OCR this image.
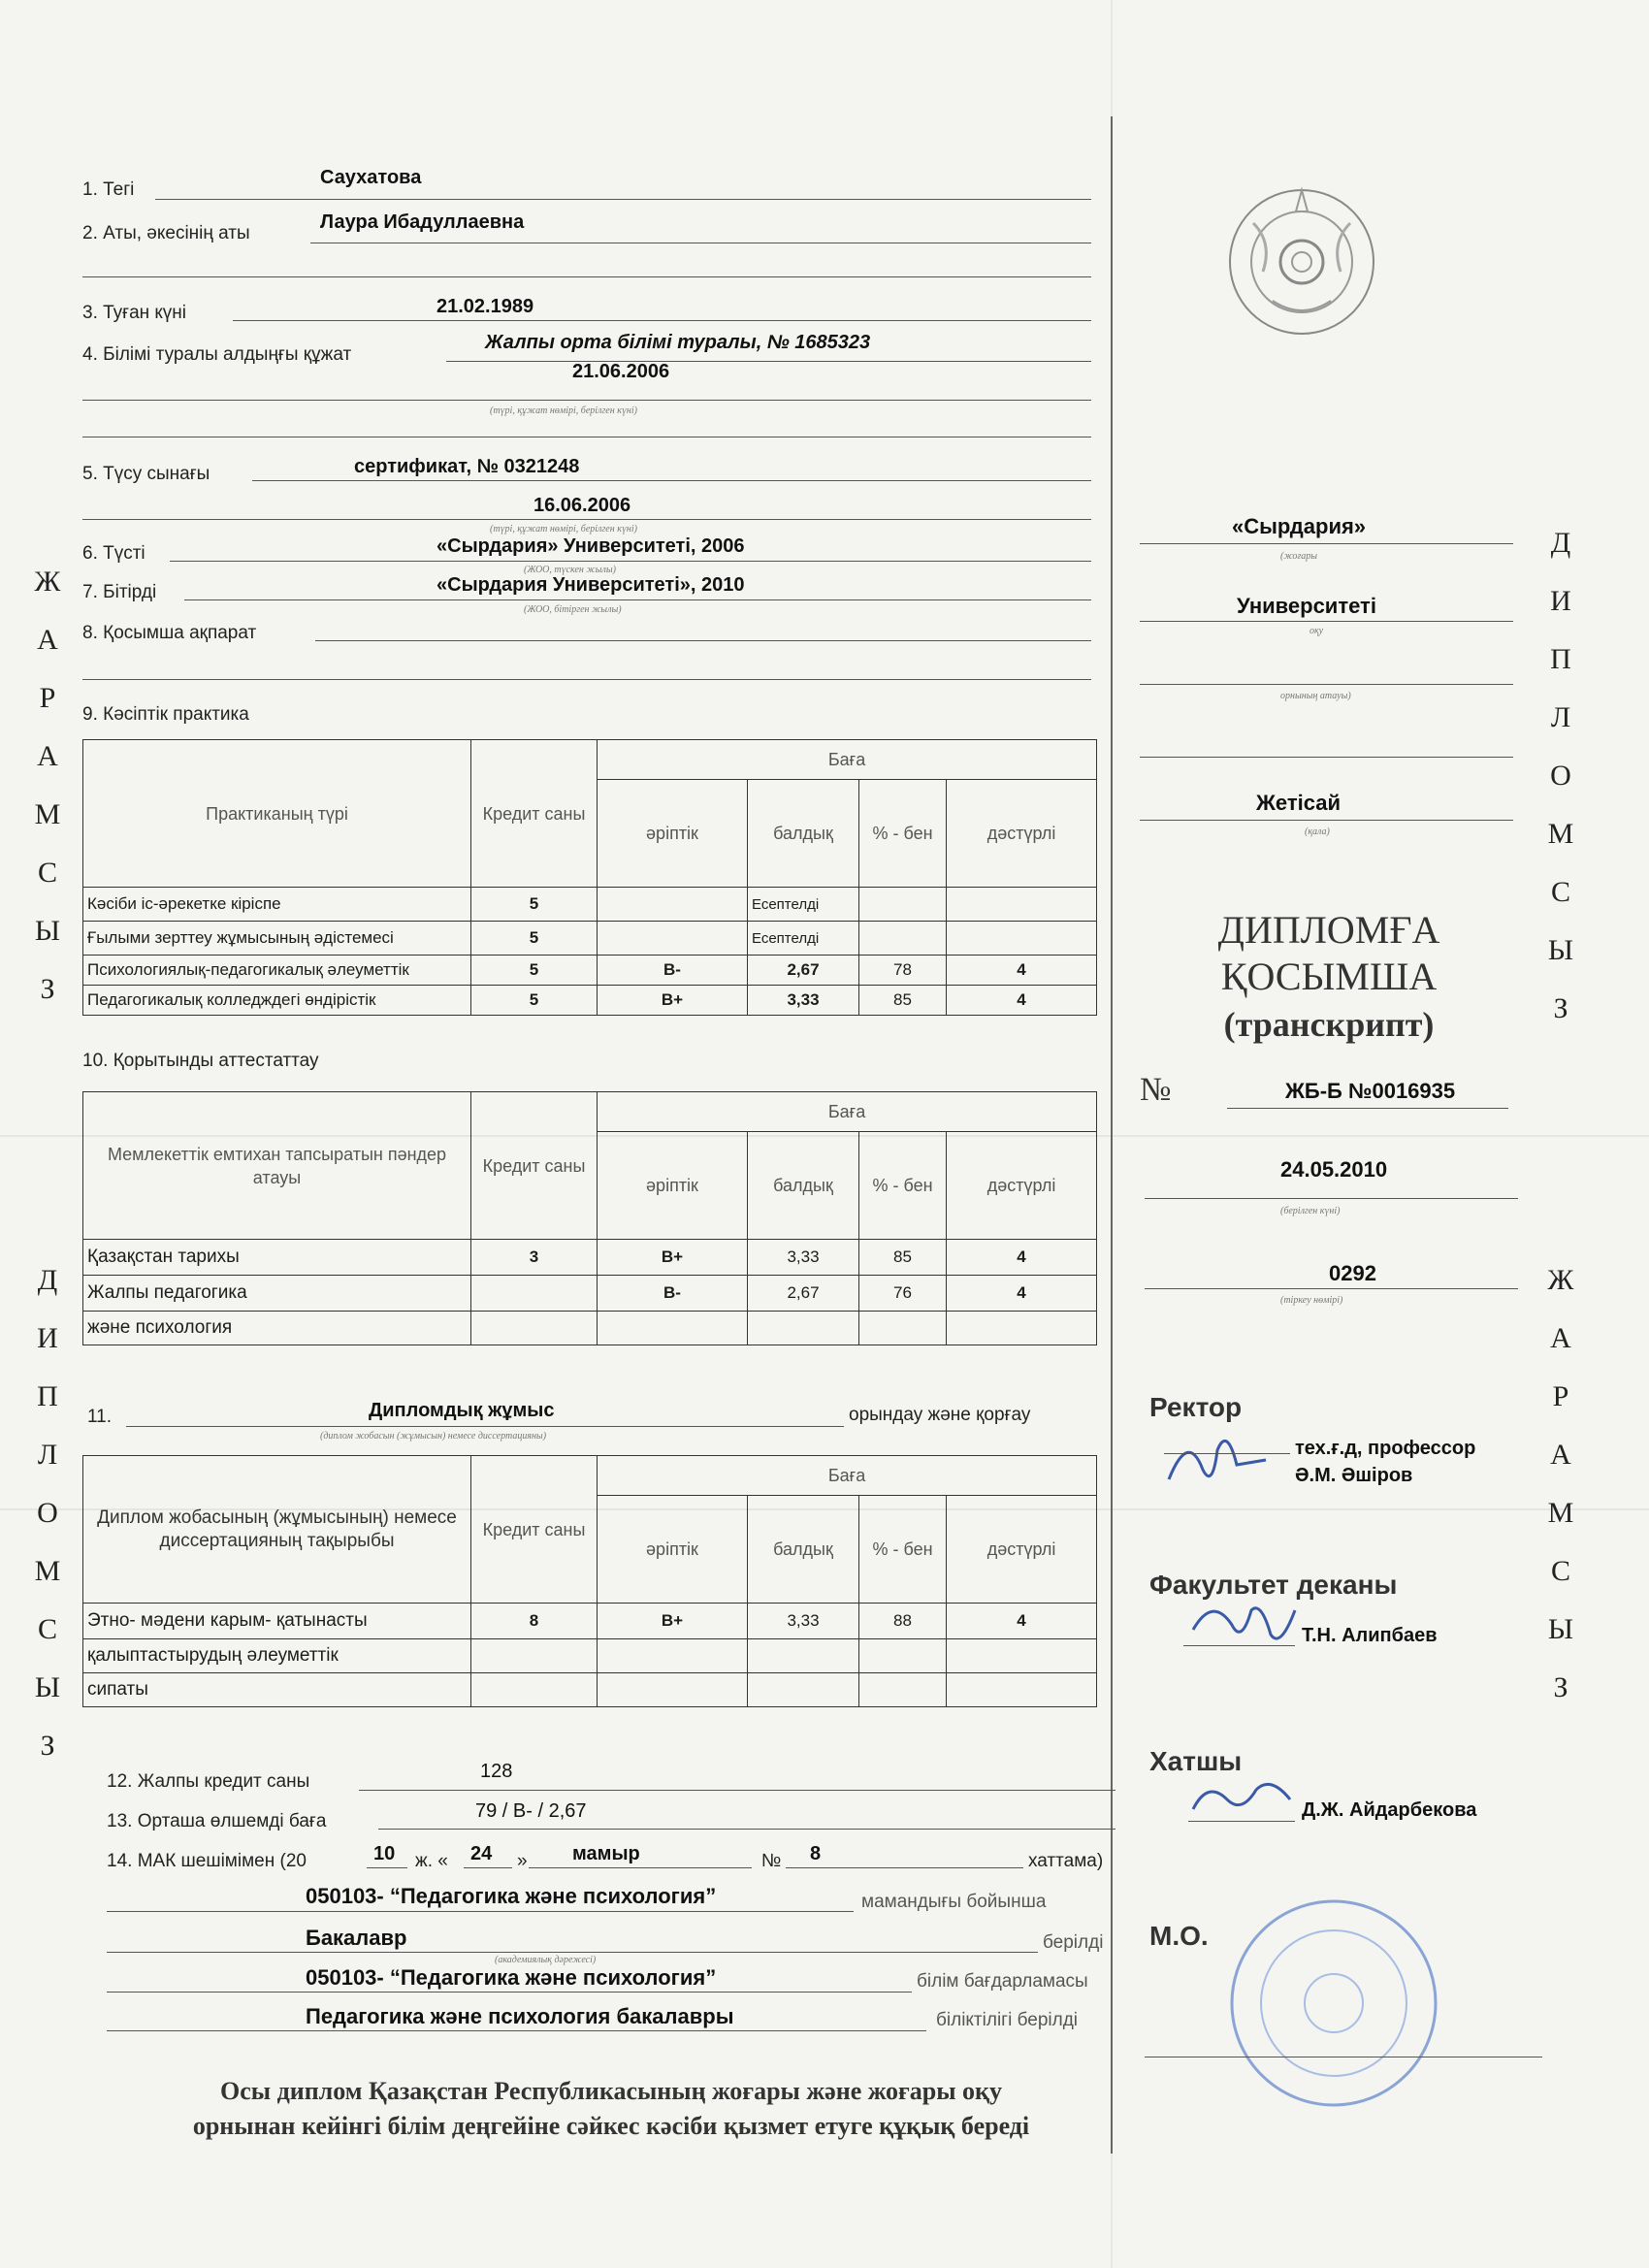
Ж
А
Р
А
М
С
Ы
З
Д
И
П
Л
О
М
С
Ы
З
Д
И
П
Л
О
М
С
Ы
З
Ж
А
Р
А
М
С
Ы
З
1. Тегі
Саухатова
2. Аты, әкесінің аты
Лаура Ибадуллаевна
3. Туған күні	21.02.1989
4. Білімі туралы алдыңғы құжат
Жалпы орта білімі туралы, № 1685323
21.06.2006
(түрі, құжат нөмірі, берілген күні)
5. Түсу сынағы	сертификат, № 0321248
16.06.2006
(түрі, құжат нөмірі, берілген күні)
6. Түсті	«Сырдария» Университеті, 2006
(ЖОО, түскен жылы)
7. Бітірді	«Сырдария Университеті», 2010
(ЖОО, бітірген жылы)
8. Қосымша ақпарат
9. Кәсіптік практика
Практиканың түрі	Кредит саны	Баға			
		әріптік	балдық	% - бен	дәстүрлі
Кәсіби іс-әрекетке кіріспе	5		Есептелді		
Ғылыми зерттеу жұмысының әдістемесі	5		Есептелді		
Психологиялық-педагогикалық әлеуметтік	5	B-	2,67	78	4
Педагогикалық колледждегі өндірістік	5	B+	3,33	85	4
10. Қорытынды аттестаттау
Мемлекеттік емтихан тапсыратын пәндер атауы	Кредит саны	Баға			
		әріптік	балдық	% - бен	дәстүрлі
Қазақстан тарихы	3	B+	3,33	85	4
Жалпы педагогика		B-	2,67	76	4
және психология					
11.	Дипломдық жұмыс	орындау және қорғау
(диплом жобасын (жұмысын) немесе диссертацияны)
Диплом жобасының (жұмысының) немесе диссертацияның тақырыбы	Кредит саны	Баға			
		әріптік	балдық	% - бен	дәстүрлі
Этно- мәдени карым- қатынасты	8	B+	3,33	88	4
қалыптастырудың әлеуметтік					
сипаты					
12. Жалпы кредит саны	128
13. Орташа өлшемді баға	79 / B- / 2,67
14. МАК шешімімен (20	10 ж. « 24 » мамыр	№ 8	хаттама)
050103- “Педагогика және психология”	мамандығы бойынша
Бакалавр	берілді
(академиялық дәрежесі)
050103- “Педагогика және психология”	білім бағдарламасы
Педагогика және психология бакалавры	біліктілігі берілді
Осы диплом Қазақстан Республикасының жоғары және жоғары оқу
орнынан кейінгі білім деңгейіне сәйкес кәсіби қызмет етуге құқық береді
«Сырдария»
(жоғары
Университеті
оқу
орнының атауы)
Жетісай
(қала)
ДИПЛОМҒА
ҚОСЫМША
(транскрипт)
№	ЖБ-Б №0016935
24.05.2010
(берілген күні)
0292
(тіркеу нөмірі)
Ректор
тех.ғ.д, профессор
Ә.М. Әшіров
Факультет деканы
Т.Н. Алипбаев
Хатшы
Д.Ж. Айдарбекова
М.О.
